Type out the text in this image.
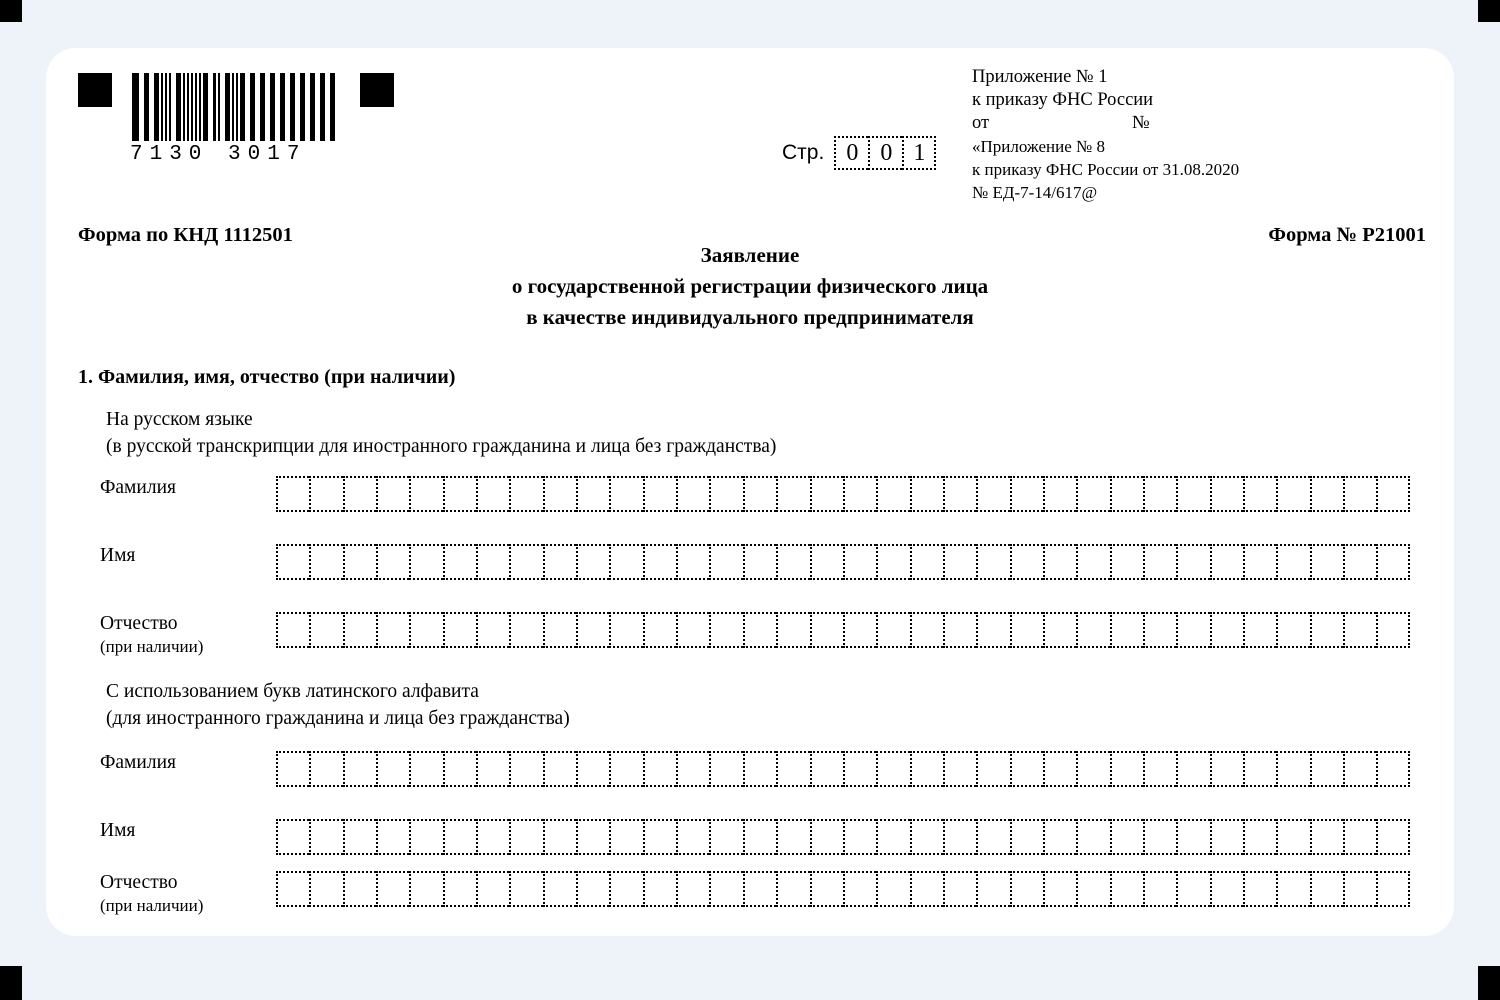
7130 3017	Стр. 0 0 1
Приложение № 1
к приказу ФНС России
от	№
«Приложение № 8
к приказу ФНС России от 31.08.2020
№ ЕД-7-14/617@
Форма по КНД 1112501	Форма № Р21001
Заявление
о государственной регистрации физического лица
в качестве индивидуального предпринимателя
1. Фамилия, имя, отчество (при наличии)
На русском языке
(в русской транскрипции для иностранного гражданина и лица без гражданства)
Фамилия
Имя
Отчество
(при наличии)
С использованием букв латинского алфавита
(для иностранного гражданина и лица без гражданства)
Фамилия
Имя
Отчество
(при наличии)
